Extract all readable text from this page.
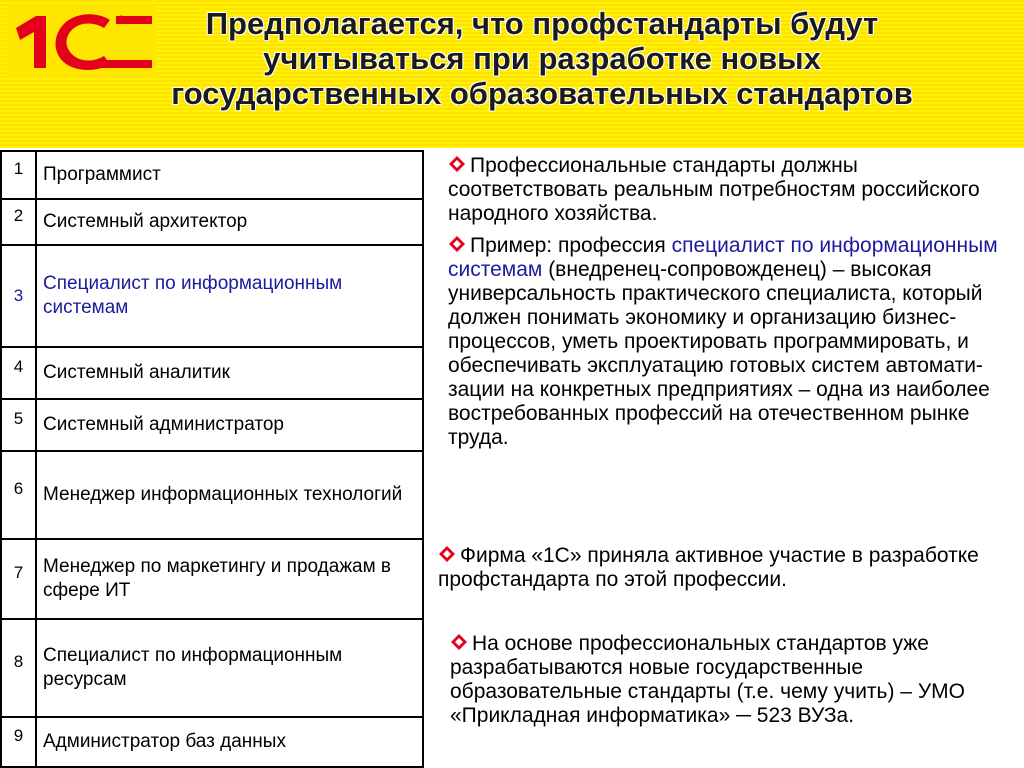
®	Предполагается, что профстандарты будут
учитываться при разработке новых
государственных образовательных стандартов
1	Программист
2	Системный архитектор
3	Специалист по информационным системам
4	Системный аналитик
5	Системный администратор
6	Менеджер информационных технологий
7	Менеджер по маркетингу и продажам в сфере ИТ
8	Специалист по информационным ресурсам
9	Администратор баз данных
Профессиональные стандарты должны соответствовать реальным потребностям российского народного хозяйства.
Пример: профессия специалист по информационным системам (внедренец-сопровожденец) – высокая универсальность практического специалиста, который должен понимать экономику и организацию бизнес-процессов, уметь проектировать программировать, и обеспечивать эксплуатацию готовых систем автомати-зации на конкретных предприятиях – одна из наиболее востребованных профессий на отечественном рынке труда.
Фирма «1С» приняла активное участие в разработке профстандарта по этой профессии.
На основе профессиональных стандартов уже разрабатываются новые государственные образовательные стандарты (т.е. чему учить) – УМО «Прикладная информатика» ─ 523 ВУЗа.
